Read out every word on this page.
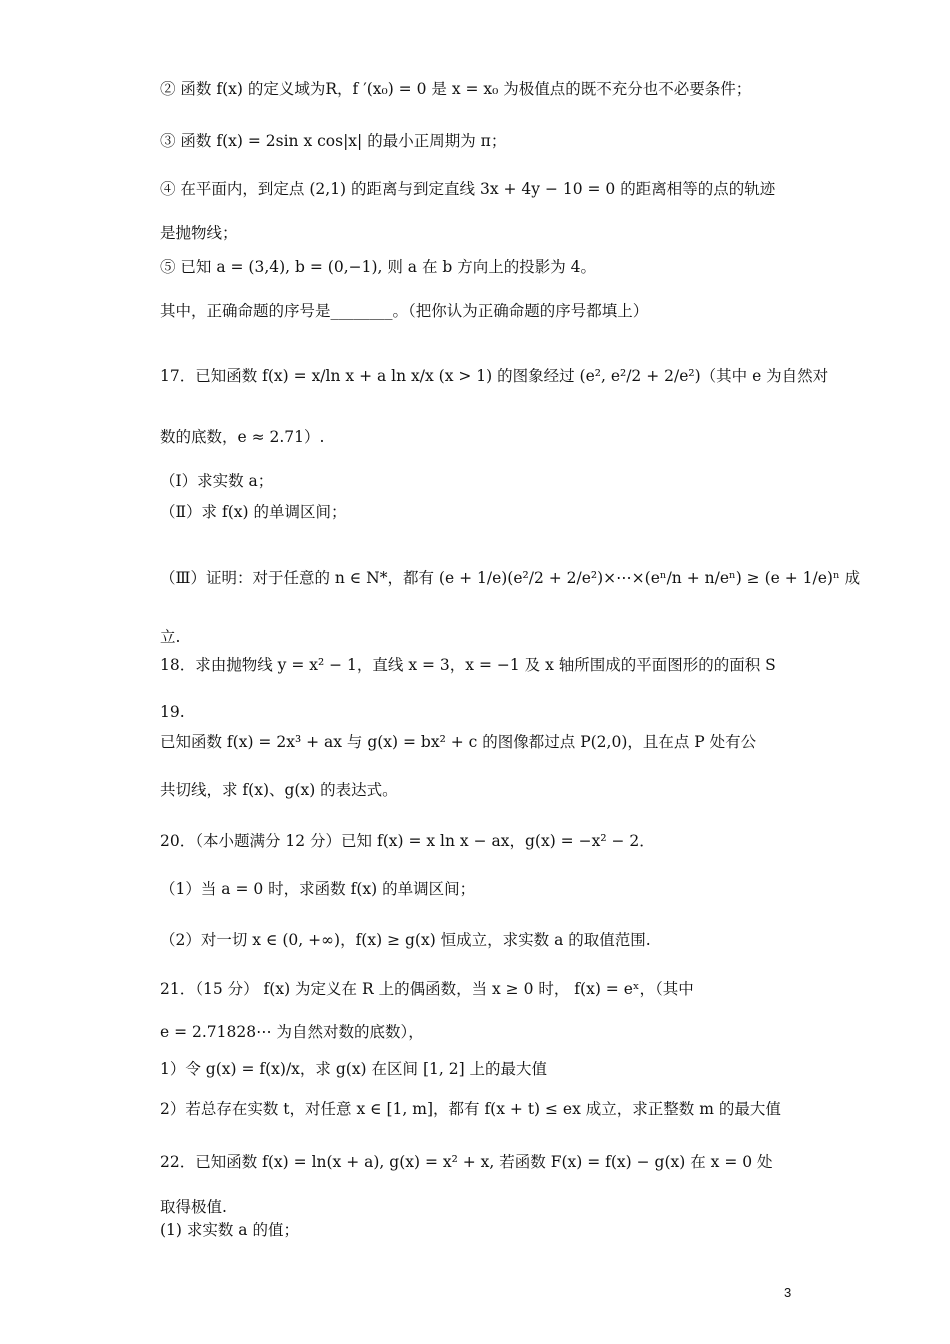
② 函数 f(x) 的定义域为R，f ′(x₀) = 0 是 x = x₀ 为极值点的既不充分也不必要条件；
③ 函数 f(x) = 2sin x cos|x| 的最小正周期为 π；
④ 在平面内，到定点 (2,1) 的距离与到定直线 3x + 4y − 10 = 0 的距离相等的点的轨迹
是抛物线；
⑤ 已知 a = (3,4), b = (0,−1), 则 a 在 b 方向上的投影为 4。
其中，正确命题的序号是________。（把你认为正确命题的序号都填上）
17．已知函数 f(x) = x/ln x + a ln x/x (x > 1) 的图象经过 (e², e²/2 + 2/e²)（其中 e 为自然对
数的底数，e ≈ 2.71）.
（Ⅰ）求实数 a；
（Ⅱ）求 f(x) 的单调区间；
（Ⅲ）证明：对于任意的 n ∈ N*，都有 (e + 1/e)(e²/2 + 2/e²)×⋯×(eⁿ/n + n/eⁿ) ≥ (e + 1/e)ⁿ 成
立.
18．求由抛物线 y = x² − 1，直线 x = 3，x = −1 及 x 轴所围成的平面图形的的面积 S
19.
已知函数 f(x) = 2x³ + ax 与 g(x) = bx² + c 的图像都过点 P(2,0)，且在点 P 处有公
共切线，求 f(x)、g(x) 的表达式。
20．（本小题满分 12 分）已知 f(x) = x ln x − ax，g(x) = −x² − 2．
（1）当 a = 0 时，求函数 f(x) 的单调区间；
（2）对一切 x ∈ (0, +∞)，f(x) ≥ g(x) 恒成立，求实数 a 的取值范围.
21．（15 分） f(x) 为定义在 R 上的偶函数，当 x ≥ 0 时， f(x) = eˣ，（其中
e = 2.71828⋯ 为自然对数的底数），
1）令 g(x) = f(x)/x，求 g(x) 在区间 [1, 2] 上的最大值
2）若总存在实数 t，对任意 x ∈ [1, m]，都有 f(x + t) ≤ ex 成立，求正整数 m 的最大值
22．已知函数 f(x) = ln(x + a), g(x) = x² + x, 若函数 F(x) = f(x) − g(x) 在 x = 0 处
取得极值.
(1) 求实数 a 的值；
3
